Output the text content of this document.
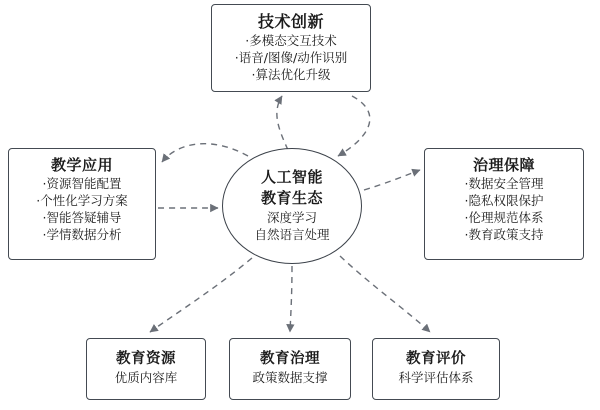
技术创新
·多模态交互技术
·语音/图像/动作识别
·算法优化升级
教学应用
·资源智能配置
·个性化学习方案
·智能答疑辅导
·学情数据分析
人工智能
教育生态
深度学习
自然语言处理
治理保障
·数据安全管理
·隐私权限保护
·伦理规范体系
·教育政策支持
教育资源
优质内容库
教育治理
政策数据支撑
教育评价
科学评估体系
